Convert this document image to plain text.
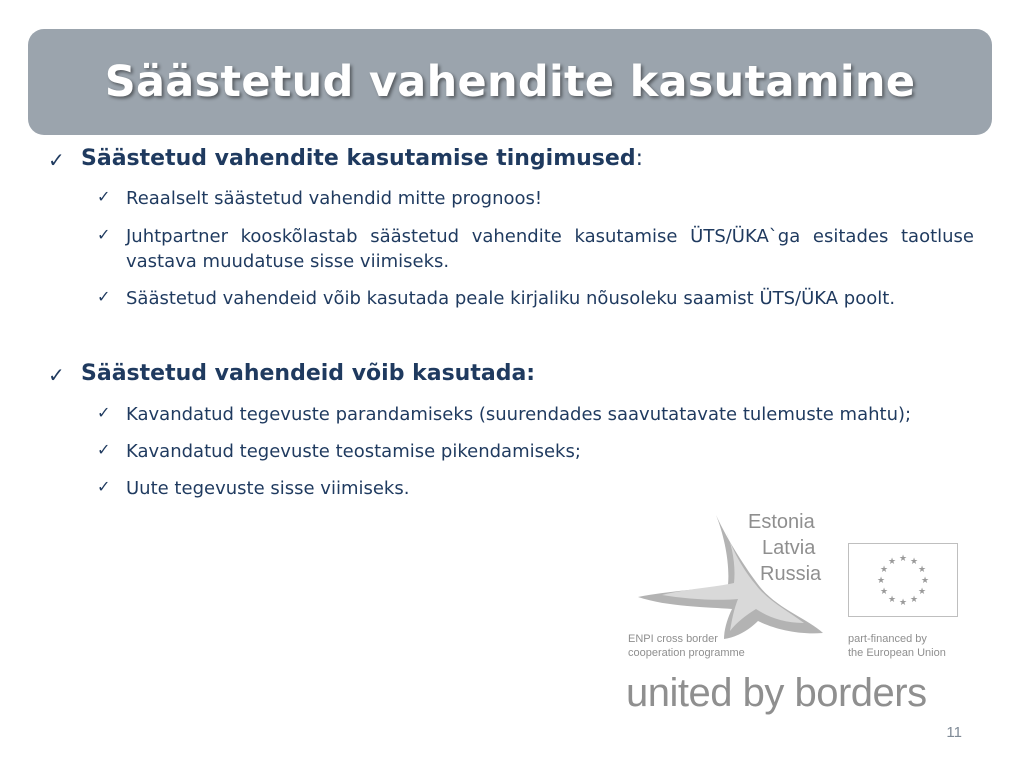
Säästetud vahendite kasutamine
✓ Säästetud vahendite kasutamise tingimused:
✓ Reaalselt säästetud vahendid mitte prognoos!
✓ Juhtpartner kooskõlastab säästetud vahendite kasutamise ÜTS/ÜKA`ga esitades taotluse vastava muudatuse sisse viimiseks.
✓ Säästetud vahendeid võib kasutada peale kirjaliku nõusoleku saamist ÜTS/ÜKA poolt.
✓ Säästetud vahendeid võib kasutada:
✓ Kavandatud tegevuste parandamiseks (suurendades saavutatavate tulemuste mahtu);
✓ Kavandatud tegevuste teostamise pikendamiseks;
✓ Uute tegevuste sisse viimiseks.
Estonia
Latvia
Russia
★ ★
★
★
★
★
★
★
★
★
★
★
ENPI cross border
cooperation programme
part-financed by
the European Union
united by borders
11
